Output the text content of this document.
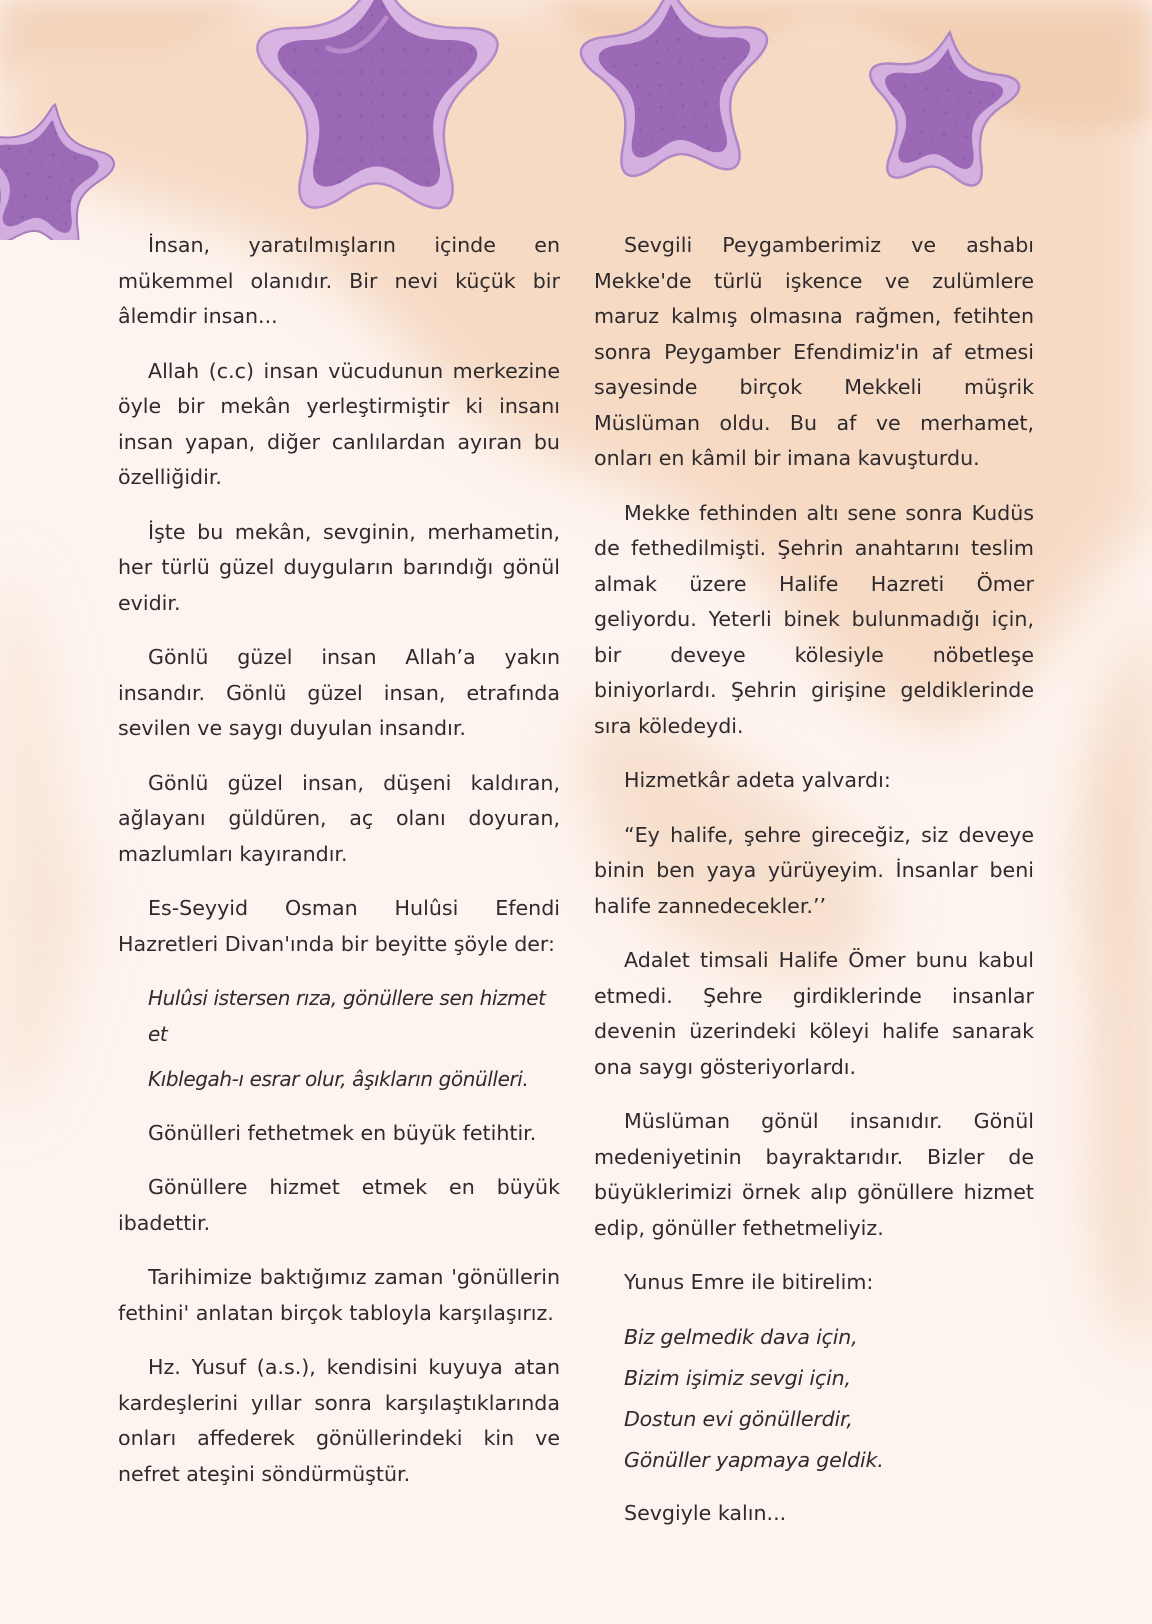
İnsan, yaratılmışların içinde en mükemmel olanıdır. Bir nevi küçük bir âlemdir insan...

Allah (c.c) insan vücudunun merkezine öyle bir mekân yerleştirmiştir ki insanı insan yapan, diğer canlılardan ayıran bu özelliğidir.

İşte bu mekân, sevginin, merhametin, her türlü güzel duyguların barındığı gönül evidir.

Gönlü güzel insan Allah’a yakın insandır. Gönlü güzel insan, etrafında sevilen ve saygı duyulan insandır.

Gönlü güzel insan, düşeni kaldıran, ağlayanı güldüren, aç olanı doyuran, mazlumları kayırandır.

Es-Seyyid Osman Hulûsi Efendi Hazretleri Divan'ında bir beyitte şöyle der:

Hulûsi istersen rıza, gönüllere sen hizmet et

Kıblegah-ı esrar olur, âşıkların gönülleri.

Gönülleri fethetmek en büyük fetihtir.

Gönüllere hizmet etmek en büyük ibadettir.

Tarihimize baktığımız zaman 'gönüllerin fethini' anlatan birçok tabloyla karşılaşırız.

Hz. Yusuf (a.s.), kendisini kuyuya atan kardeşlerini yıllar sonra karşılaştıklarında onları affederek gönüllerindeki kin ve nefret ateşini söndürmüştür.

Sevgili Peygamberimiz ve ashabı Mekke'de türlü işkence ve zulümlere maruz kalmış olmasına rağmen, fetihten sonra Peygamber Efendimiz'in af etmesi sayesinde birçok Mekkeli müşrik Müslüman oldu. Bu af ve merhamet, onları en kâmil bir imana kavuşturdu.

Mekke fethinden altı sene sonra Kudüs de fethedilmişti. Şehrin anahtarını teslim almak üzere Halife Hazreti Ömer geliyordu. Yeterli binek bulunmadığı için, bir deveye kölesiyle nöbetleşe biniyorlardı. Şehrin girişine geldiklerinde sıra köledeydi.

Hizmetkâr adeta yalvardı:

“Ey halife, şehre gireceğiz, siz deveye binin ben yaya yürüyeyim. İnsanlar beni halife zannedecekler.’’

Adalet timsali Halife Ömer bunu kabul etmedi. Şehre girdiklerinde insanlar devenin üzerindeki köleyi halife sanarak ona saygı gösteriyorlardı.

Müslüman gönül insanıdır. Gönül medeniyetinin bayraktarıdır. Bizler de büyüklerimizi örnek alıp gönüllere hizmet edip, gönüller fethetmeliyiz.

Yunus Emre ile bitirelim:

Biz gelmedik dava için,

Bizim işimiz sevgi için,

Dostun evi gönüllerdir,

Gönüller yapmaya geldik.

Sevgiyle kalın...
